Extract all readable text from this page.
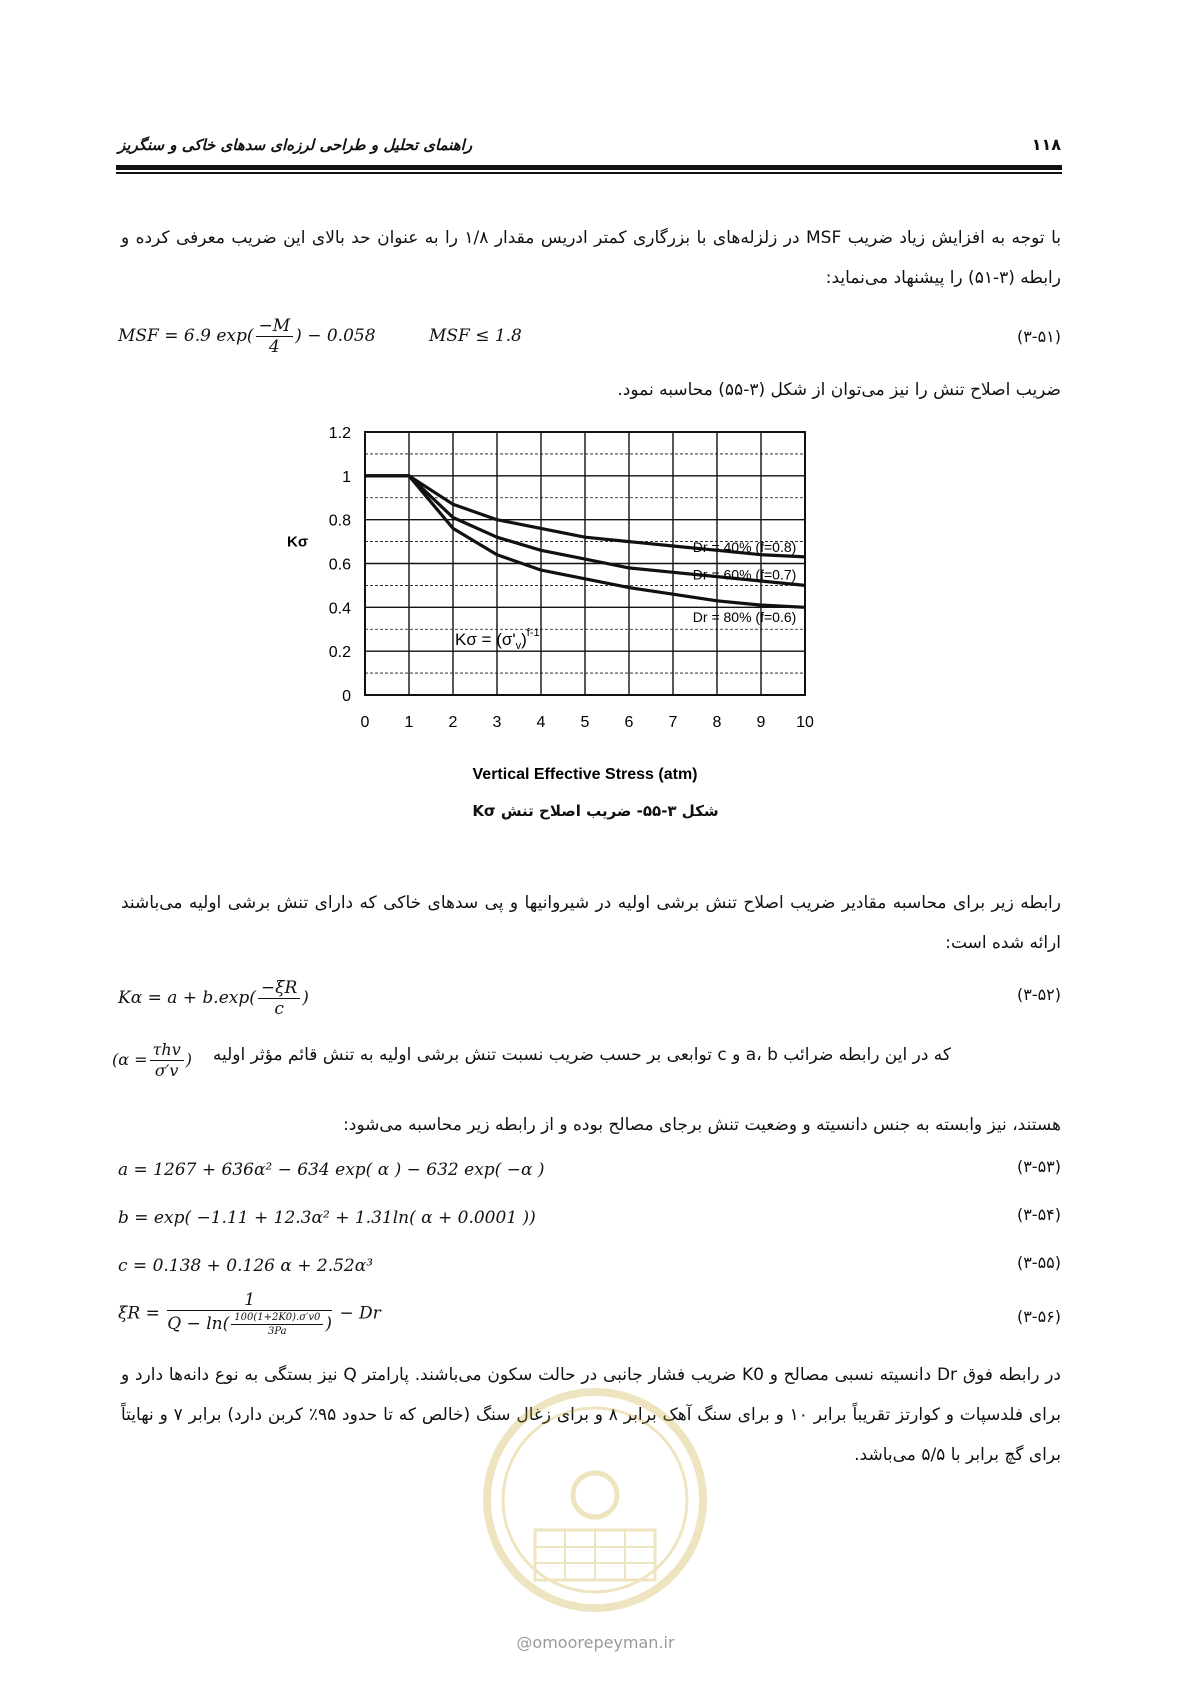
۱۱۸
راهنمای تحلیل و طراحی لرزه‌ای سدهای خاکی و سنگریز
با توجه به افزایش زیاد ضریب MSF در زلزله‌های با بزرگاری کمتر ادریس مقدار ۱/۸ را به عنوان حد بالای این ضریب معرفی کرده و رابطه (۳-۵۱) را پیشنهاد می‌نماید:
MSF = 6.9 $\exp( \frac{-M}{4}$ ) − 0.058	MSF ≤ 1.8	(۳-۵۱)
ضریب اصلاح تنش را نیز می‌توان از شکل (۳-۵۵) محاسبه نمود.
0 1 2 3 4 5 6 7 8 9 10
0
0.2
0.4
0.6
0.8
1
1.2
Dr = 40% (f=0.8)
Dr = 60% (f=0.7)
Dr = 80% (f=0.6)
Kσ
Vertical Effective Stress (atm)
$K\sigma = (\sigma'_v)^{f-1}$
شکل ۳-۵۵- ضریب اصلاح تنش Kσ
رابطه زیر برای محاسبه مقادیر ضریب اصلاح تنش برشی اولیه در شیروانیها و پی سدهای خاکی که دارای تنش برشی اولیه می‌باشند ارائه شده است:
$K\alpha = a + b.\exp( \frac{-\xi R}{c}$ )	(۳-۵۲)
که در این رابطه ضرائب a، b و c توابعی بر حسب ضریب نسبت تنش برشی اولیه به تنش قائم مؤثر اولیه
($\alpha = \frac{\text{τhv}}{\sigma'v}$ )
هستند، نیز وابسته به جنس دانسیته و وضعیت تنش برجای مصالح بوده و از رابطه زیر محاسبه می‌شود:
a = 1267 + 636α² − 634 exp( α ) − 632 exp( −α )	(۳-۵۳)
b = exp( −1.11 + 12.3α² + 1.31ln( α + 0.0001 ))	(۳-۵۴)
c = 0.138 + 0.126 α + 2.52α³	(۳-۵۵)
$\xi R = \frac{1}{Q - \ln( \frac{100(1+2K0).\sigma'v0}{3Pa} )} - Dr$	(۳-۵۶)
در رابطه فوق Dr دانسیته نسبی مصالح و K0 ضریب فشار جانبی در حالت سکون می‌باشند. پارامتر Q نیز بستگی به نوع دانه‌ها دارد و برای فلدسپات و کوارتز تقریباً برابر ۱۰ و برای سنگ آهک برابر ۸ و برای زغال سنگ (خالص که تا حدود ۹۵٪ کربن دارد) برابر ۷ و نهایتاً برای گچ برابر با ۵/۵ می‌باشد.
@omoorepeyman.ir
